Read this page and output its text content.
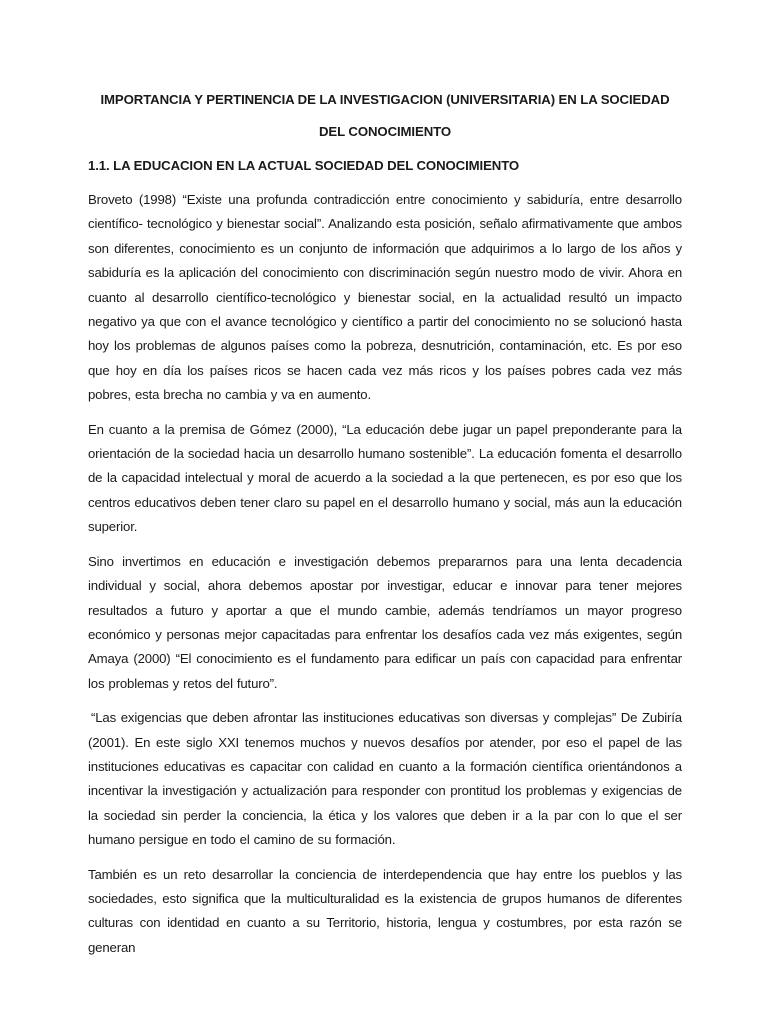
IMPORTANCIA Y PERTINENCIA DE LA INVESTIGACION (UNIVERSITARIA) EN LA SOCIEDAD DEL CONOCIMIENTO
1.1. LA EDUCACION EN LA ACTUAL SOCIEDAD DEL CONOCIMIENTO

Broveto (1998) “Existe una profunda contradicción entre conocimiento y sabiduría, entre desarrollo científico- tecnológico y bienestar social”. Analizando esta posición, señalo afirmativamente que ambos son diferentes, conocimiento es un conjunto de información que adquirimos a lo largo de los años y sabiduría es la aplicación del conocimiento con discriminación según nuestro modo de vivir. Ahora en cuanto al desarrollo científico-tecnológico y bienestar social, en la actualidad resultó un impacto negativo ya que con el avance tecnológico y científico a partir del conocimiento no se solucionó hasta hoy los problemas de algunos países como la pobreza, desnutrición, contaminación, etc. Es por eso que hoy en día los países ricos se hacen cada vez más ricos y los países pobres cada vez más pobres, esta brecha no cambia y va en aumento.

En cuanto a la premisa de Gómez (2000), “La educación debe jugar un papel preponderante para la orientación de la sociedad hacia un desarrollo humano sostenible”. La educación fomenta el desarrollo de la capacidad intelectual y moral de acuerdo a la sociedad a la que pertenecen, es por eso que los centros educativos deben tener claro su papel en el desarrollo humano y social, más aun la educación superior.

Sino invertimos en educación e investigación debemos prepararnos para una lenta decadencia individual y social, ahora debemos apostar por investigar, educar e innovar para tener mejores resultados a futuro y aportar a que el mundo cambie, además tendríamos un mayor progreso económico y personas mejor capacitadas para enfrentar los desafíos cada vez más exigentes, según Amaya (2000) “El conocimiento es el fundamento para edificar un país con capacidad para enfrentar los problemas y retos del futuro”.

“Las exigencias que deben afrontar las instituciones educativas son diversas y complejas” De Zubiría (2001). En este siglo XXI tenemos muchos y nuevos desafíos por atender, por eso el papel de las instituciones educativas es capacitar con calidad en cuanto a la formación científica orientándonos a incentivar la investigación y actualización para responder con prontitud los problemas y exigencias de la sociedad sin perder la conciencia, la ética y los valores que deben ir a la par con lo que el ser humano persigue en todo el camino de su formación.

También es un reto desarrollar la conciencia de interdependencia que hay entre los pueblos y las sociedades, esto significa que la multiculturalidad es la existencia de grupos humanos de diferentes culturas con identidad en cuanto a su Territorio, historia, lengua y costumbres, por esta razón se generan
